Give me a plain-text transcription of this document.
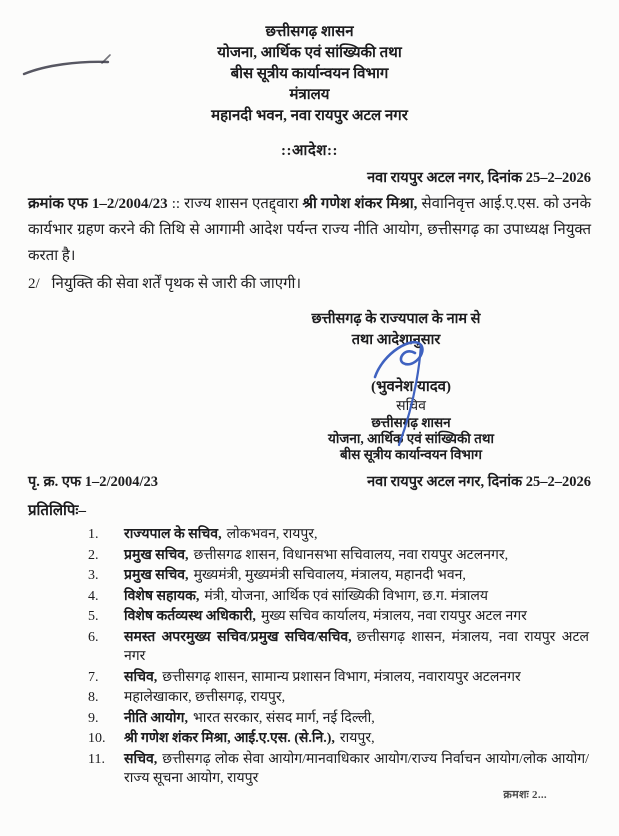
छत्तीसगढ़ शासन
योजना, आर्थिक एवं सांख्यिकी तथा
बीस सूत्रीय कार्यान्वयन विभाग
मंत्रालय
महानदी भवन, नवा रायपुर अटल नगर
::आदेश::
नवा रायपुर अटल नगर, दिनांक 25–2–2026
क्रमांक एफ 1–2/2004/23 :: राज्य शासन एतद्द्वारा श्री गणेश शंकर मिश्रा, सेवानिवृत्त आई.ए.एस. को उनके कार्यभार ग्रहण करने की तिथि से आगामी आदेश पर्यन्त राज्य नीति आयोग, छत्तीसगढ़ का उपाध्यक्ष नियुक्त करता है।
2/ नियुक्ति की सेवा शर्तें पृथक से जारी की जाएगी।
छत्तीसगढ़ के राज्यपाल के नाम से
तथा आदेशानुसार
(भुवनेश यादव)
सचिव
छत्तीसगढ़ शासन
योजना, आर्थिक एवं सांख्यिकी तथा
बीस सूत्रीय कार्यान्वयन विभाग
पृ. क्र. एफ 1–2/2004/23	नवा रायपुर अटल नगर, दिनांक 25–2–2026
प्रतिलिपिः–
1.	राज्यपाल के सचिव, लोकभवन, रायपुर,
2.	प्रमुख सचिव, छत्तीसगढ शासन, विधानसभा सचिवालय, नवा रायपुर अटलनगर,
3.	प्रमुख सचिव, मुख्यमंत्री, मुख्यमंत्री सचिवालय, मंत्रालय, महानदी भवन,
4.	विशेष सहायक, मंत्री, योजना, आर्थिक एवं सांख्यिकी विभाग, छ.ग. मंत्रालय
5.	विशेष कर्तव्यस्थ अधिकारी, मुख्य सचिव कार्यालय, मंत्रालय, नवा रायपुर अटल नगर
6.	समस्त अपरमुख्य सचिव/प्रमुख सचिव/सचिव, छत्तीसगढ़ शासन, मंत्रालय, नवा रायपुर अटल नगर
7.	सचिव, छत्तीसगढ़ शासन, सामान्य प्रशासन विभाग, मंत्रालय, नवारायपुर अटलनगर
8.	महालेखाकार, छत्तीसगढ़, रायपुर,
9.	नीति आयोग, भारत सरकार, संसद मार्ग, नई दिल्ली,
10.	श्री गणेश शंकर मिश्रा, आई.ए.एस. (से.नि.), रायपुर,
11.	सचिव, छत्तीसगढ़ लोक सेवा आयोग/मानवाधिकार आयोग/राज्य निर्वाचन आयोग/लोक आयोग/राज्य सूचना आयोग, रायपुर
क्रमशः 2...
